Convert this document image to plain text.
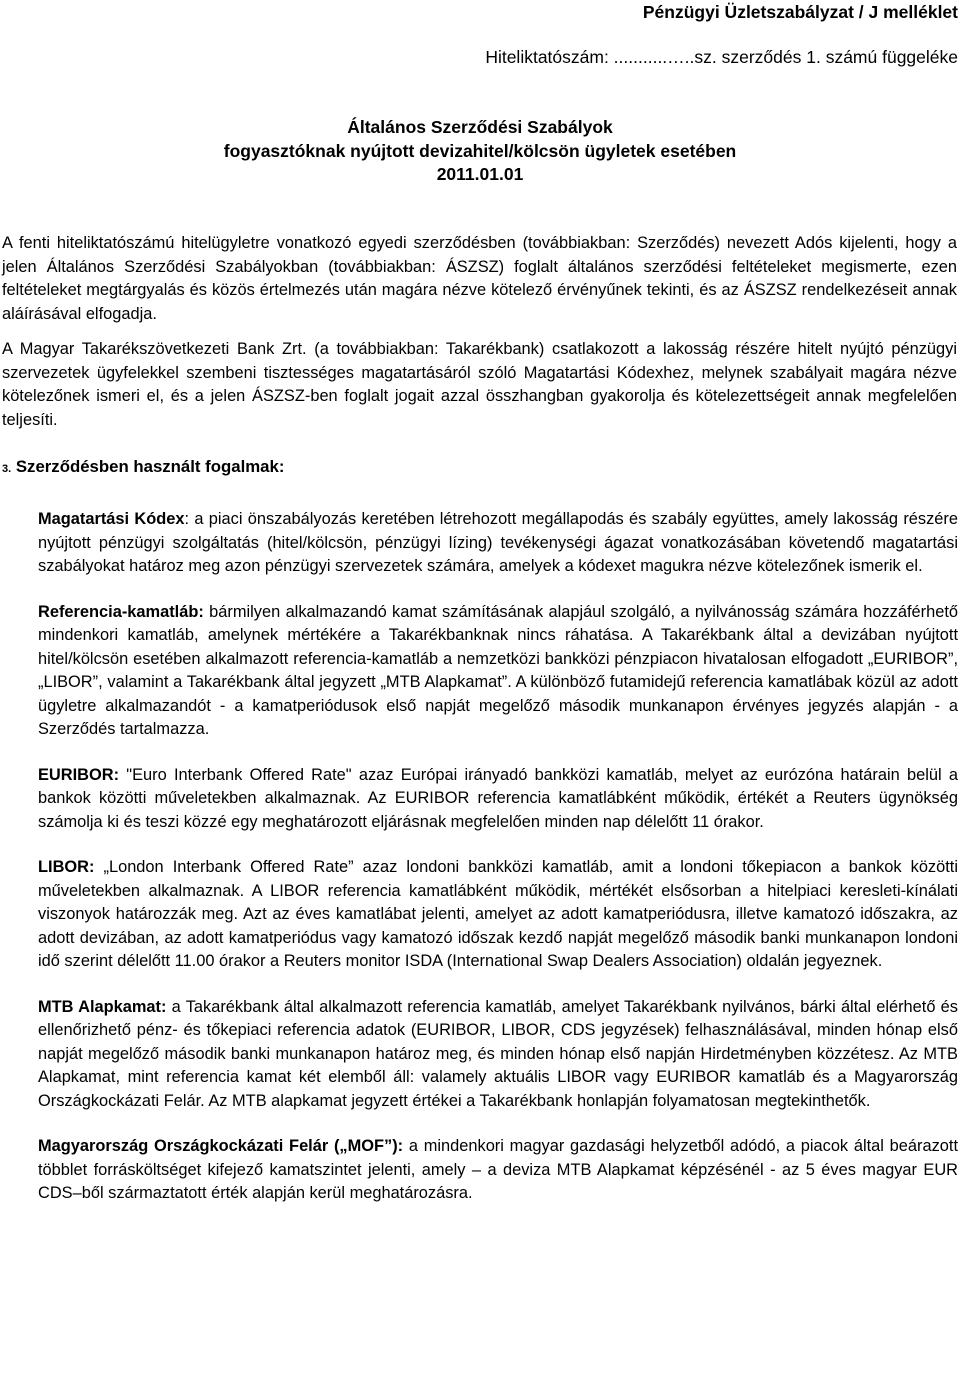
Pénzügyi Üzletszabályzat / J melléklet
Hiteliktatószám: ...........…..sz. szerződés 1. számú függeléke
Általános Szerződési Szabályok
fogyasztóknak nyújtott devizahitel/kölcsön ügyletek esetében
2011.01.01

A fenti hiteliktatószámú hitelügyletre vonatkozó egyedi szerződésben (továbbiakban: Szerződés) nevezett Adós kijelenti, hogy a jelen Általános Szerződési Szabályokban (továbbiakban: ÁSZSZ) foglalt általános szerződési feltételeket megismerte, ezen feltételeket megtárgyalás és közös értelmezés után magára nézve kötelező érvényűnek tekinti, és az ÁSZSZ rendelkezéseit annak aláírásával elfogadja.

A Magyar Takarékszövetkezeti Bank Zrt. (a továbbiakban: Takarékbank) csatlakozott a lakosság részére hitelt nyújtó pénzügyi szervezetek ügyfelekkel szembeni tisztességes magatartásáról szóló Magatartási Kódexhez, melynek szabályait magára nézve kötelezőnek ismeri el, és a jelen ÁSZSZ-ben foglalt jogait azzal összhangban gyakorolja és kötelezettségeit annak megfelelően teljesíti.

3. Szerződésben használt fogalmak:

Magatartási Kódex: a piaci önszabályozás keretében létrehozott megállapodás és szabály együttes, amely lakosság részére nyújtott pénzügyi szolgáltatás (hitel/kölcsön, pénzügyi lízing) tevékenységi ágazat vonatkozásában követendő magatartási szabályokat határoz meg azon pénzügyi szervezetek számára, amelyek a kódexet magukra nézve kötelezőnek ismerik el.

Referencia-kamatláb: bármilyen alkalmazandó kamat számításának alapjául szolgáló, a nyilvánosság számára hozzáférhető mindenkori kamatláb, amelynek mértékére a Takarékbanknak nincs ráhatása. A Takarékbank által a devizában nyújtott hitel/kölcsön esetében alkalmazott referencia-kamatláb a nemzetközi bankközi pénzpiacon hivatalosan elfogadott „EURIBOR”, „LIBOR”, valamint a Takarékbank által jegyzett „MTB Alapkamat”. A különböző futamidejű referencia kamatlábak közül az adott ügyletre alkalmazandót - a kamatperiódusok első napját megelőző második munkanapon érvényes jegyzés alapján - a Szerződés tartalmazza.

EURIBOR: "Euro Interbank Offered Rate" azaz Európai irányadó bankközi kamatláb, melyet az eurózóna határain belül a bankok közötti műveletekben alkalmaznak. Az EURIBOR referencia kamatlábként működik, értékét a Reuters ügynökség számolja ki és teszi közzé egy meghatározott eljárásnak megfelelően minden nap délelőtt 11 órakor.

LIBOR: „London Interbank Offered Rate” azaz londoni bankközi kamatláb, amit a londoni tőkepiacon a bankok közötti műveletekben alkalmaznak. A LIBOR referencia kamatlábként működik, mértékét elsősorban a hitelpiaci keresleti-kínálati viszonyok határozzák meg. Azt az éves kamatlábat jelenti, amelyet az adott kamatperiódusra, illetve kamatozó időszakra, az adott devizában, az adott kamatperiódus vagy kamatozó időszak kezdő napját megelőző második banki munkanapon londoni idő szerint délelőtt 11.00 órakor a Reuters monitor ISDA (International Swap Dealers Association) oldalán jegyeznek.

MTB Alapkamat: a Takarékbank által alkalmazott referencia kamatláb, amelyet Takarékbank nyilvános, bárki által elérhető és ellenőrizhető pénz- és tőkepiaci referencia adatok (EURIBOR, LIBOR, CDS jegyzések) felhasználásával, minden hónap első napját megelőző második banki munkanapon határoz meg, és minden hónap első napján Hirdetményben közzétesz. Az MTB Alapkamat, mint referencia kamat két elemből áll: valamely aktuális LIBOR vagy EURIBOR kamatláb és a Magyarország Országkockázati Felár. Az MTB alapkamat jegyzett értékei a Takarékbank honlapján folyamatosan megtekinthetők.

Magyarország Országkockázati Felár („MOF”): a mindenkori magyar gazdasági helyzetből adódó, a piacok által beárazott többlet forrásköltséget kifejező kamatszintet jelenti, amely – a deviza MTB Alapkamat képzésénél - az 5 éves magyar EUR CDS–ből származtatott érték alapján kerül meghatározásra.
